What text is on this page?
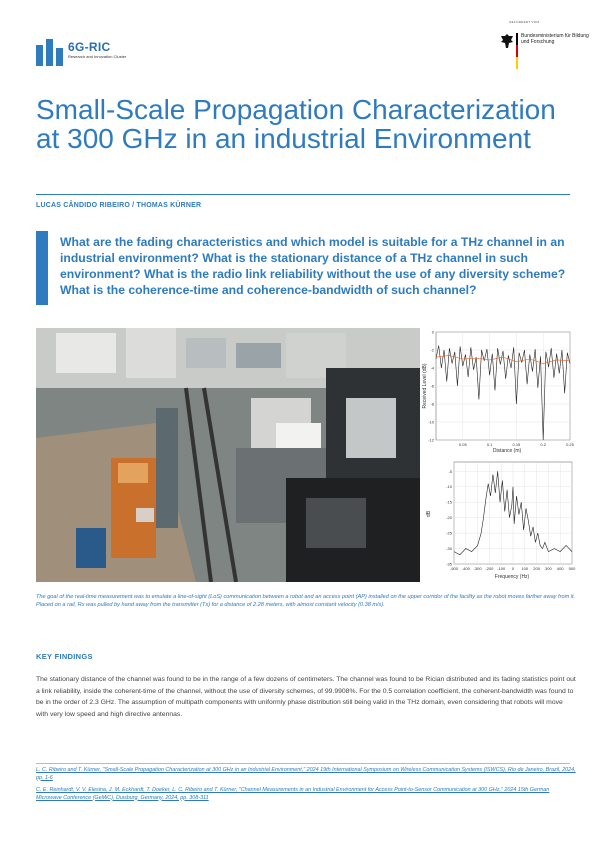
6G-RIC
Research and Innovation Cluster
GEFÖRDERT VOM
Bundesministerium für Bildung und Forschung
Small-Scale Propagation Characterization at 300 GHz in an industrial Environment
LUCAS CÂNDIDO RIBEIRO / THOMAS KÜRNER

What are the fading characteristics and which model is suitable for a THz channel in an industrial environment? What is the stationary distance of a THz channel in such environment? What is the radio link reliability without the use of any diversity scheme? What is the coherence-time and coherence-bandwidth of such channel?

0.05	0.1	0.15	0.2	0.25
0
-2
-4
-6
-8
-10
-12
Distance (m)
Received Level (dB)
-500 -400 -300 -200 -100 0 100 200 300 400 500
-5
-10
-15
-20
-25
-30
-35
Frequency (Hz)
dB

The goal of the real-time measurement was to emulate a line-of-sight (LoS) communication between a robot and an access point (AP) installed on the upper corridor of the facility as the robot moves farther away from it. Placed on a rail, Rx was pulled by hand away from the transmitter (Tx) for a distance of 2.28 meters, with almost constant velocity (0.38 m/s).

KEY FINDINGS

The stationary distance of the channel was found to be in the range of a few dozens of centimeters. The channel was found to be Rician distributed and its fading statistics point out a link reliability, inside the coherent-time of the channel, without the use of diversity schemes, of 99.9908%. For the 0.5 correlation coefficient, the coherent-bandwidth was found to be in the order of 2.3 GHz. The assumption of multipath components with uniformly phase distribution still being valid in the THz domain, even considering that robots will move with very low speed and high directive antennas.

L. C. Ribeiro and T. Kürner, "Small-Scale Propagation Characterization at 300 GHz in an Industrial Environment," 2024 19th International Symposium on Wireless Communication Systems (ISWCS), Rio de Janeiro, Brazil, 2024, pp. 1-6

C. E. Reinhardt, V. V. Elesina, J. M. Eckhardt, T. Doeker, L. C. Ribeiro and T. Kürner, "Channel Measurements in an Industrial Environment for Access Point-to-Sensor Communication at 300 GHz," 2024 15th German Microwave Conference (GeMiC), Duisburg, Germany, 2024, pp. 308-311
